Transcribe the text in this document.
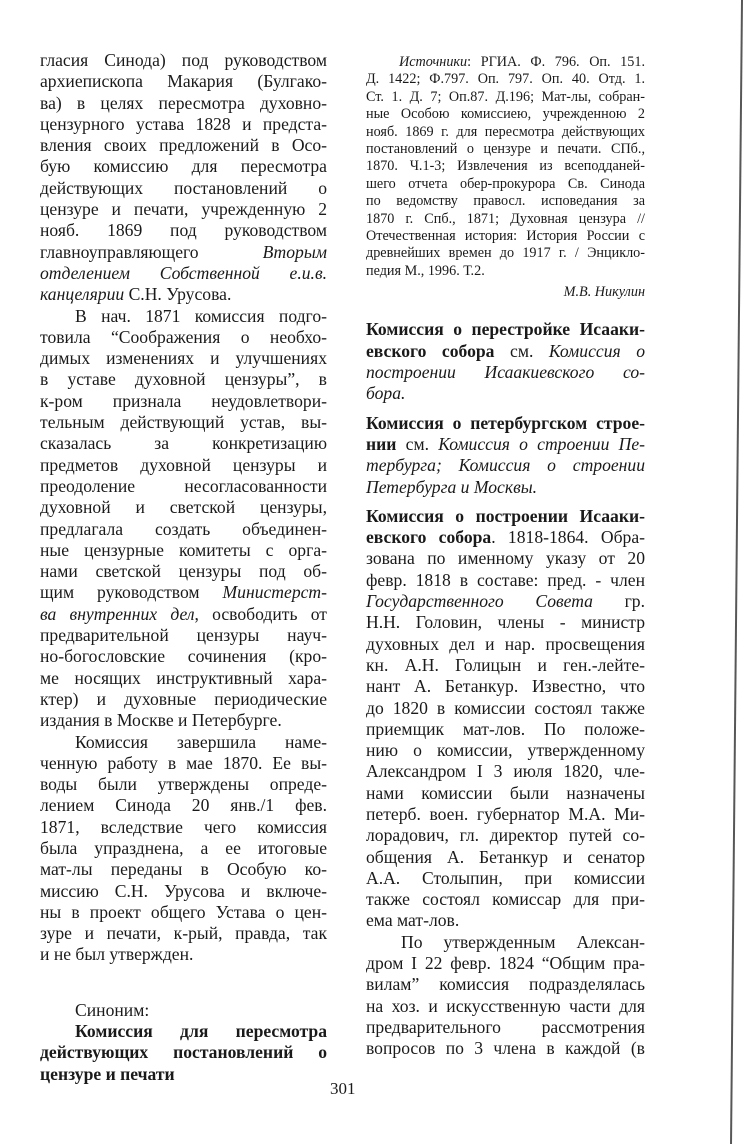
гласия Синода) под руководством
архиепископа Макария (Булгако-
ва) в целях пересмотра духовно-
цензурного устава 1828 и предста-
вления своих предложений в Осо-
бую комиссию для пересмотра
действующих постановлений о
цензуре и печати, учрежденную 2
нояб. 1869 под руководством
главноуправляющего	Вторым
отделением Собственной е.и.в.
канцелярии С.Н. Урусова.
В нач. 1871 комиссия подго-
товила “Соображения о необхо-
димых изменениях и улучшениях
в уставе духовной цензуры”, в
к-ром признала неудовлетвори-
тельным действующий устав, вы-
сказалась за конкретизацию
предметов духовной цензуры и
преодоление несогласованности
духовной и светской цензуры,
предлагала создать объединен-
ные цензурные комитеты с орга-
нами светской цензуры под об-
щим руководством Министерст-
ва внутренних дел, освободить от
предварительной цензуры науч-
но-богословские сочинения (кро-
ме носящих инструктивный хара-
ктер) и духовные периодические
издания в Москве и Петербурге.
Комиссия завершила наме-
ченную работу в мае 1870. Ее вы-
воды были утверждены опреде-
лением Синода 20 янв./1 фев.
1871, вследствие чего комиссия
была упразднена, а ее итоговые
мат-лы переданы в Особую ко-
миссию С.Н. Урусова и включе-
ны в проект общего Устава о цен-
зуре и печати, к-рый, правда, так
и не был утвержден.
Синоним:
Комиссия для пересмотра
действующих постановлений о
цензуре и печати
Источники: РГИА. Ф. 796. Оп. 151.
Д. 1422; Ф.797. Оп. 797. Оп. 40. Отд. 1.
Ст. 1. Д. 7; Оп.87. Д.196; Мат-лы, собран-
ные Особою комиссиею, учрежденною 2
нояб. 1869 г. для пересмотра действующих
постановлений о цензуре и печати. СПб.,
1870. Ч.1-3; Извлечения из всеподданей-
шего отчета обер-прокурора Св. Синода
по ведомству правосл. исповедания за
1870 г. Спб., 1871; Духовная цензура //
Отечественная история: История России с
древнейших времен до 1917 г. / Энцикло-
педия М., 1996. Т.2.
М.В. Никулин
Комиссия о перестройке Исааки-
евского собора см. Комиссия о
построении Исаакиевского со-
бора.
Комиссия о петербургском строе-
нии см. Комиссия о строении Пе-
тербурга; Комиссия о строении
Петербурга и Москвы.
Комиссия о построении Исааки-
евского собора. 1818-1864. Обра-
зована по именному указу от 20
февр. 1818 в составе: пред. - член
Государственного Совета гр.
Н.Н. Головин, члены - министр
духовных дел и нар. просвещения
кн. А.Н. Голицын и ген.-лейте-
нант А. Бетанкур. Известно, что
до 1820 в комиссии состоял также
приемщик мат-лов. По положе-
нию о комиссии, утвержденному
Александром I 3 июля 1820, чле-
нами комиссии были назначены
петерб. воен. губернатор М.А. Ми-
лорадович, гл. директор путей со-
общения А. Бетанкур и сенатор
А.А. Столыпин, при комиссии
также состоял комиссар для при-
ема мат-лов.
По утвержденным Алексан-
дром I 22 февр. 1824 “Общим пра-
вилам” комиссия подразделялась
на хоз. и искусственную части для
предварительного рассмотрения
вопросов по 3 члена в каждой (в
301
